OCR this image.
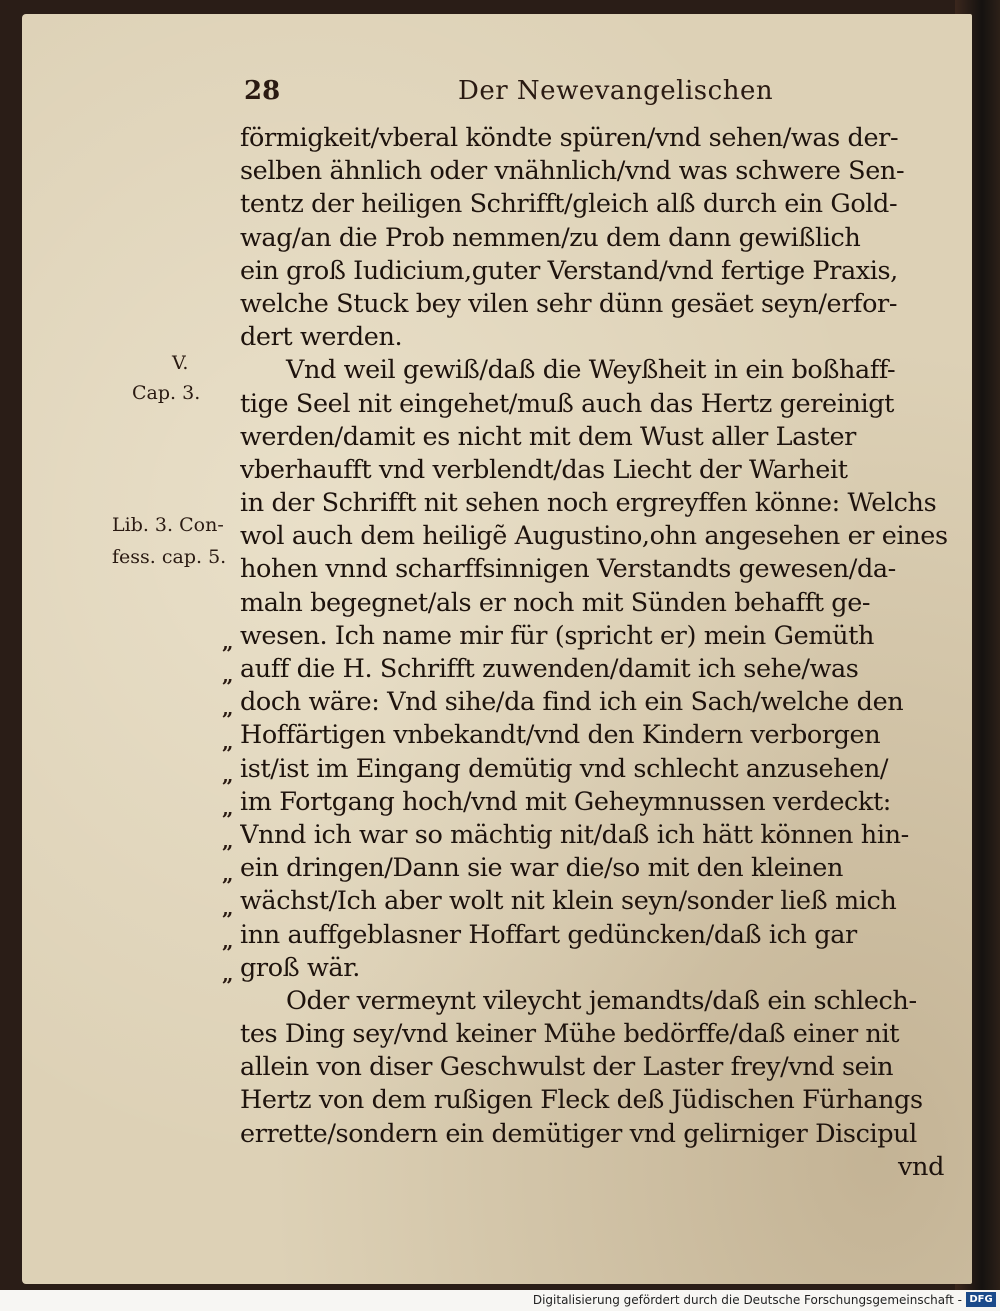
28	Der Newevangelischen
V.
Cap. 3.
Lib. 3. Con-
fess. cap. 5.
„
„
„
„
„
„
„
„
„
„
„
förmigkeit/vberal köndte spüren/vnd sehen/was der-
selben ähnlich oder vnähnlich/vnd was schwere Sen-
tentz der heiligen Schrifft/gleich alß durch ein Gold-
wag/an die Prob nemmen/zu dem dann gewißlich
ein groß Iudicium,guter Verstand/vnd fertige Praxis,
welche Stuck bey vilen sehr dünn gesäet seyn/erfor-
dert werden.
Vnd weil gewiß/daß die Weyßheit in ein boßhaff-
tige Seel nit eingehet/muß auch das Hertz gereinigt
werden/damit es nicht mit dem Wust aller Laster
vberhaufft vnd verblendt/das Liecht der Warheit
in der Schrifft nit sehen noch ergreyffen könne: Welchs
wol auch dem heiligẽ Augustino,ohn angesehen er eines
hohen vnnd scharffsinnigen Verstandts gewesen/da-
maln begegnet/als er noch mit Sünden behafft ge-
wesen. Ich name mir für (spricht er) mein Gemüth
auff die H. Schrifft zuwenden/damit ich sehe/was
doch wäre: Vnd sihe/da find ich ein Sach/welche den
Hoffärtigen vnbekandt/vnd den Kindern verborgen
ist/ist im Eingang demütig vnd schlecht anzusehen/
im Fortgang hoch/vnd mit Geheymnussen verdeckt:
Vnnd ich war so mächtig nit/daß ich hätt können hin-
ein dringen/Dann sie war die/so mit den kleinen
wächst/Ich aber wolt nit klein seyn/sonder ließ mich
inn auffgeblasner Hoffart gedüncken/daß ich gar
groß wär.
Oder vermeynt vileycht jemandts/daß ein schlech-
tes Ding sey/vnd keiner Mühe bedörffe/daß einer nit
allein von diser Geschwulst der Laster frey/vnd sein
Hertz von dem rußigen Fleck deß Jüdischen Fürhangs
errette/sondern ein demütiger vnd gelirniger Discipul
vnd
Digitalisierung gefördert durch die Deutsche Forschungsgemeinschaft - DFG
